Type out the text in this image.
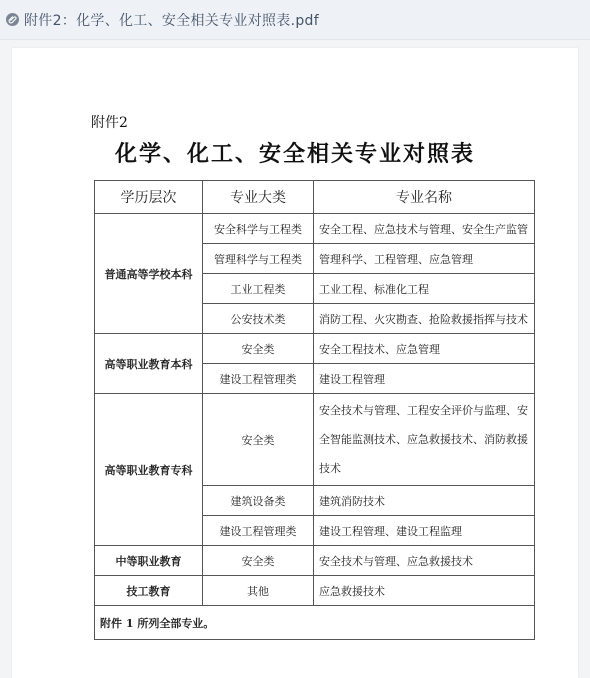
附件2：化学、化工、安全相关专业对照表.pdf
附件2
化学、化工、安全相关专业对照表
学历层次	专业大类	专业名称
普通高等学校本科	安全科学与工程类	安全工程、应急技术与管理、安全生产监管
	管理科学与工程类	管理科学、工程管理、应急管理
	工业工程类	工业工程、标准化工程
	公安技术类	消防工程、火灾勘查、抢险救援指挥与技术
高等职业教育本科	安全类	安全工程技术、应急管理
	建设工程管理类	建设工程管理
高等职业教育专科	安全类	安全技术与管理、工程安全评价与监理、安全智能监测技术、应急救援技术、消防救援技术
	建筑设备类	建筑消防技术
	建设工程管理类	建设工程管理、建设工程监理
中等职业教育	安全类	安全技术与管理、应急救援技术
技工教育	其他	应急救援技术
附件 1 所列全部专业。		
